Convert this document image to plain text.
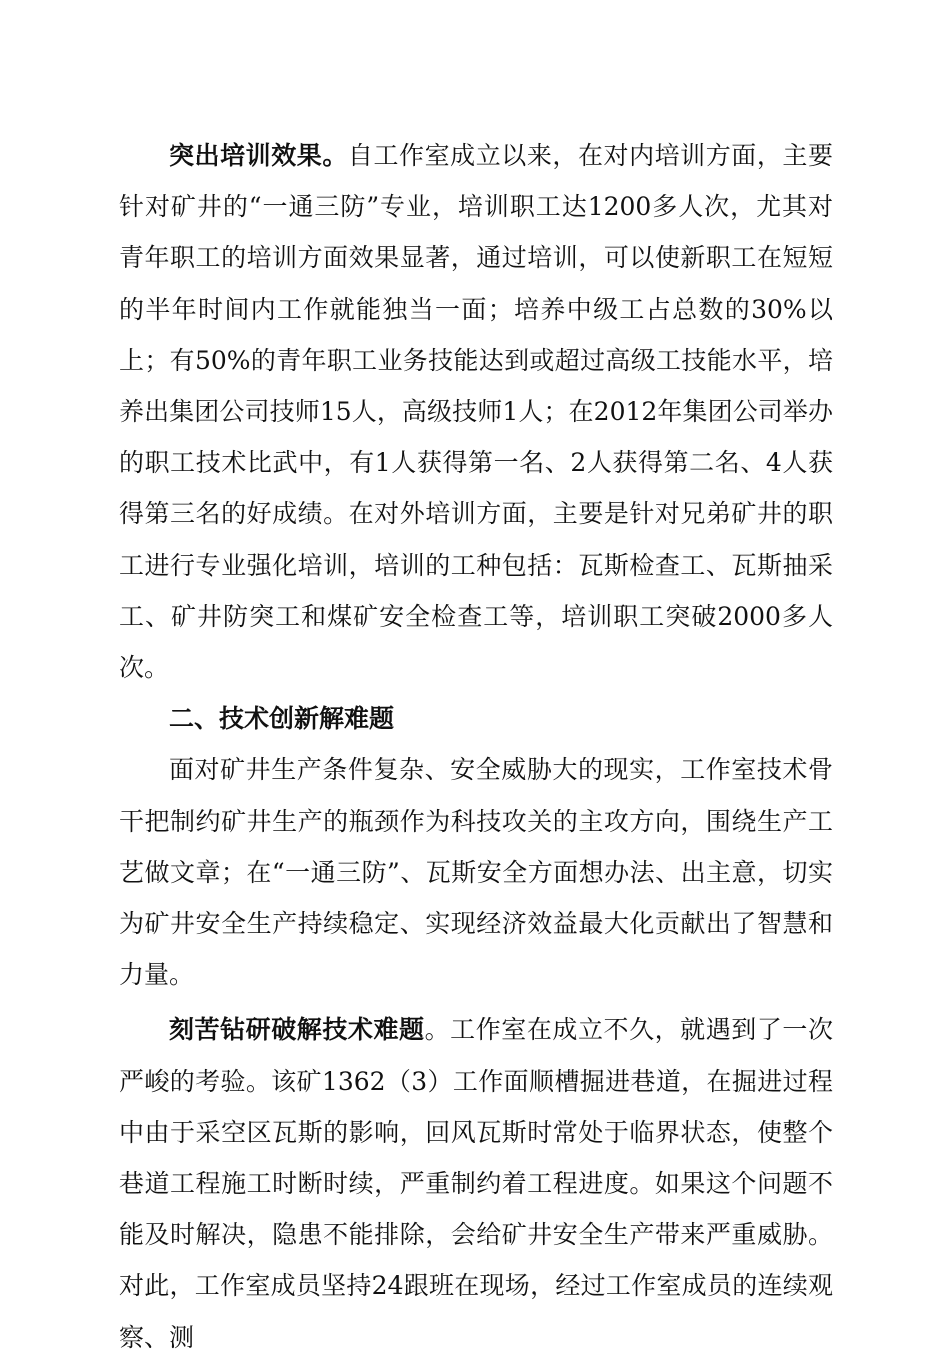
突出培训效果。自工作室成立以来，在对内培训方面，主要针对矿井的“一通三防”专业，培训职工达1200多人次，尤其对青年职工的培训方面效果显著，通过培训，可以使新职工在短短的半年时间内工作就能独当一面；培养中级工占总数的30%以上；有50%的青年职工业务技能达到或超过高级工技能水平，培养出集团公司技师15人，高级技师1人；在2012年集团公司举办的职工技术比武中，有1人获得第一名、2人获得第二名、4人获得第三名的好成绩。在对外培训方面，主要是针对兄弟矿井的职工进行专业强化培训，培训的工种包括：瓦斯检查工、瓦斯抽采工、矿井防突工和煤矿安全检查工等，培训职工突破2000多人次。

二、技术创新解难题

面对矿井生产条件复杂、安全威胁大的现实，工作室技术骨干把制约矿井生产的瓶颈作为科技攻关的主攻方向，围绕生产工艺做文章；在“一通三防”、瓦斯安全方面想办法、出主意，切实为矿井安全生产持续稳定、实现经济效益最大化贡献出了智慧和力量。

刻苦钻研破解技术难题。工作室在成立不久，就遇到了一次严峻的考验。该矿1362（3）工作面顺槽掘进巷道，在掘进过程中由于采空区瓦斯的影响，回风瓦斯时常处于临界状态，使整个巷道工程施工时断时续，严重制约着工程进度。如果这个问题不能及时解决，隐患不能排除，会给矿井安全生产带来严重威胁。对此，工作室成员坚持24跟班在现场，经过工作室成员的连续观察、测
